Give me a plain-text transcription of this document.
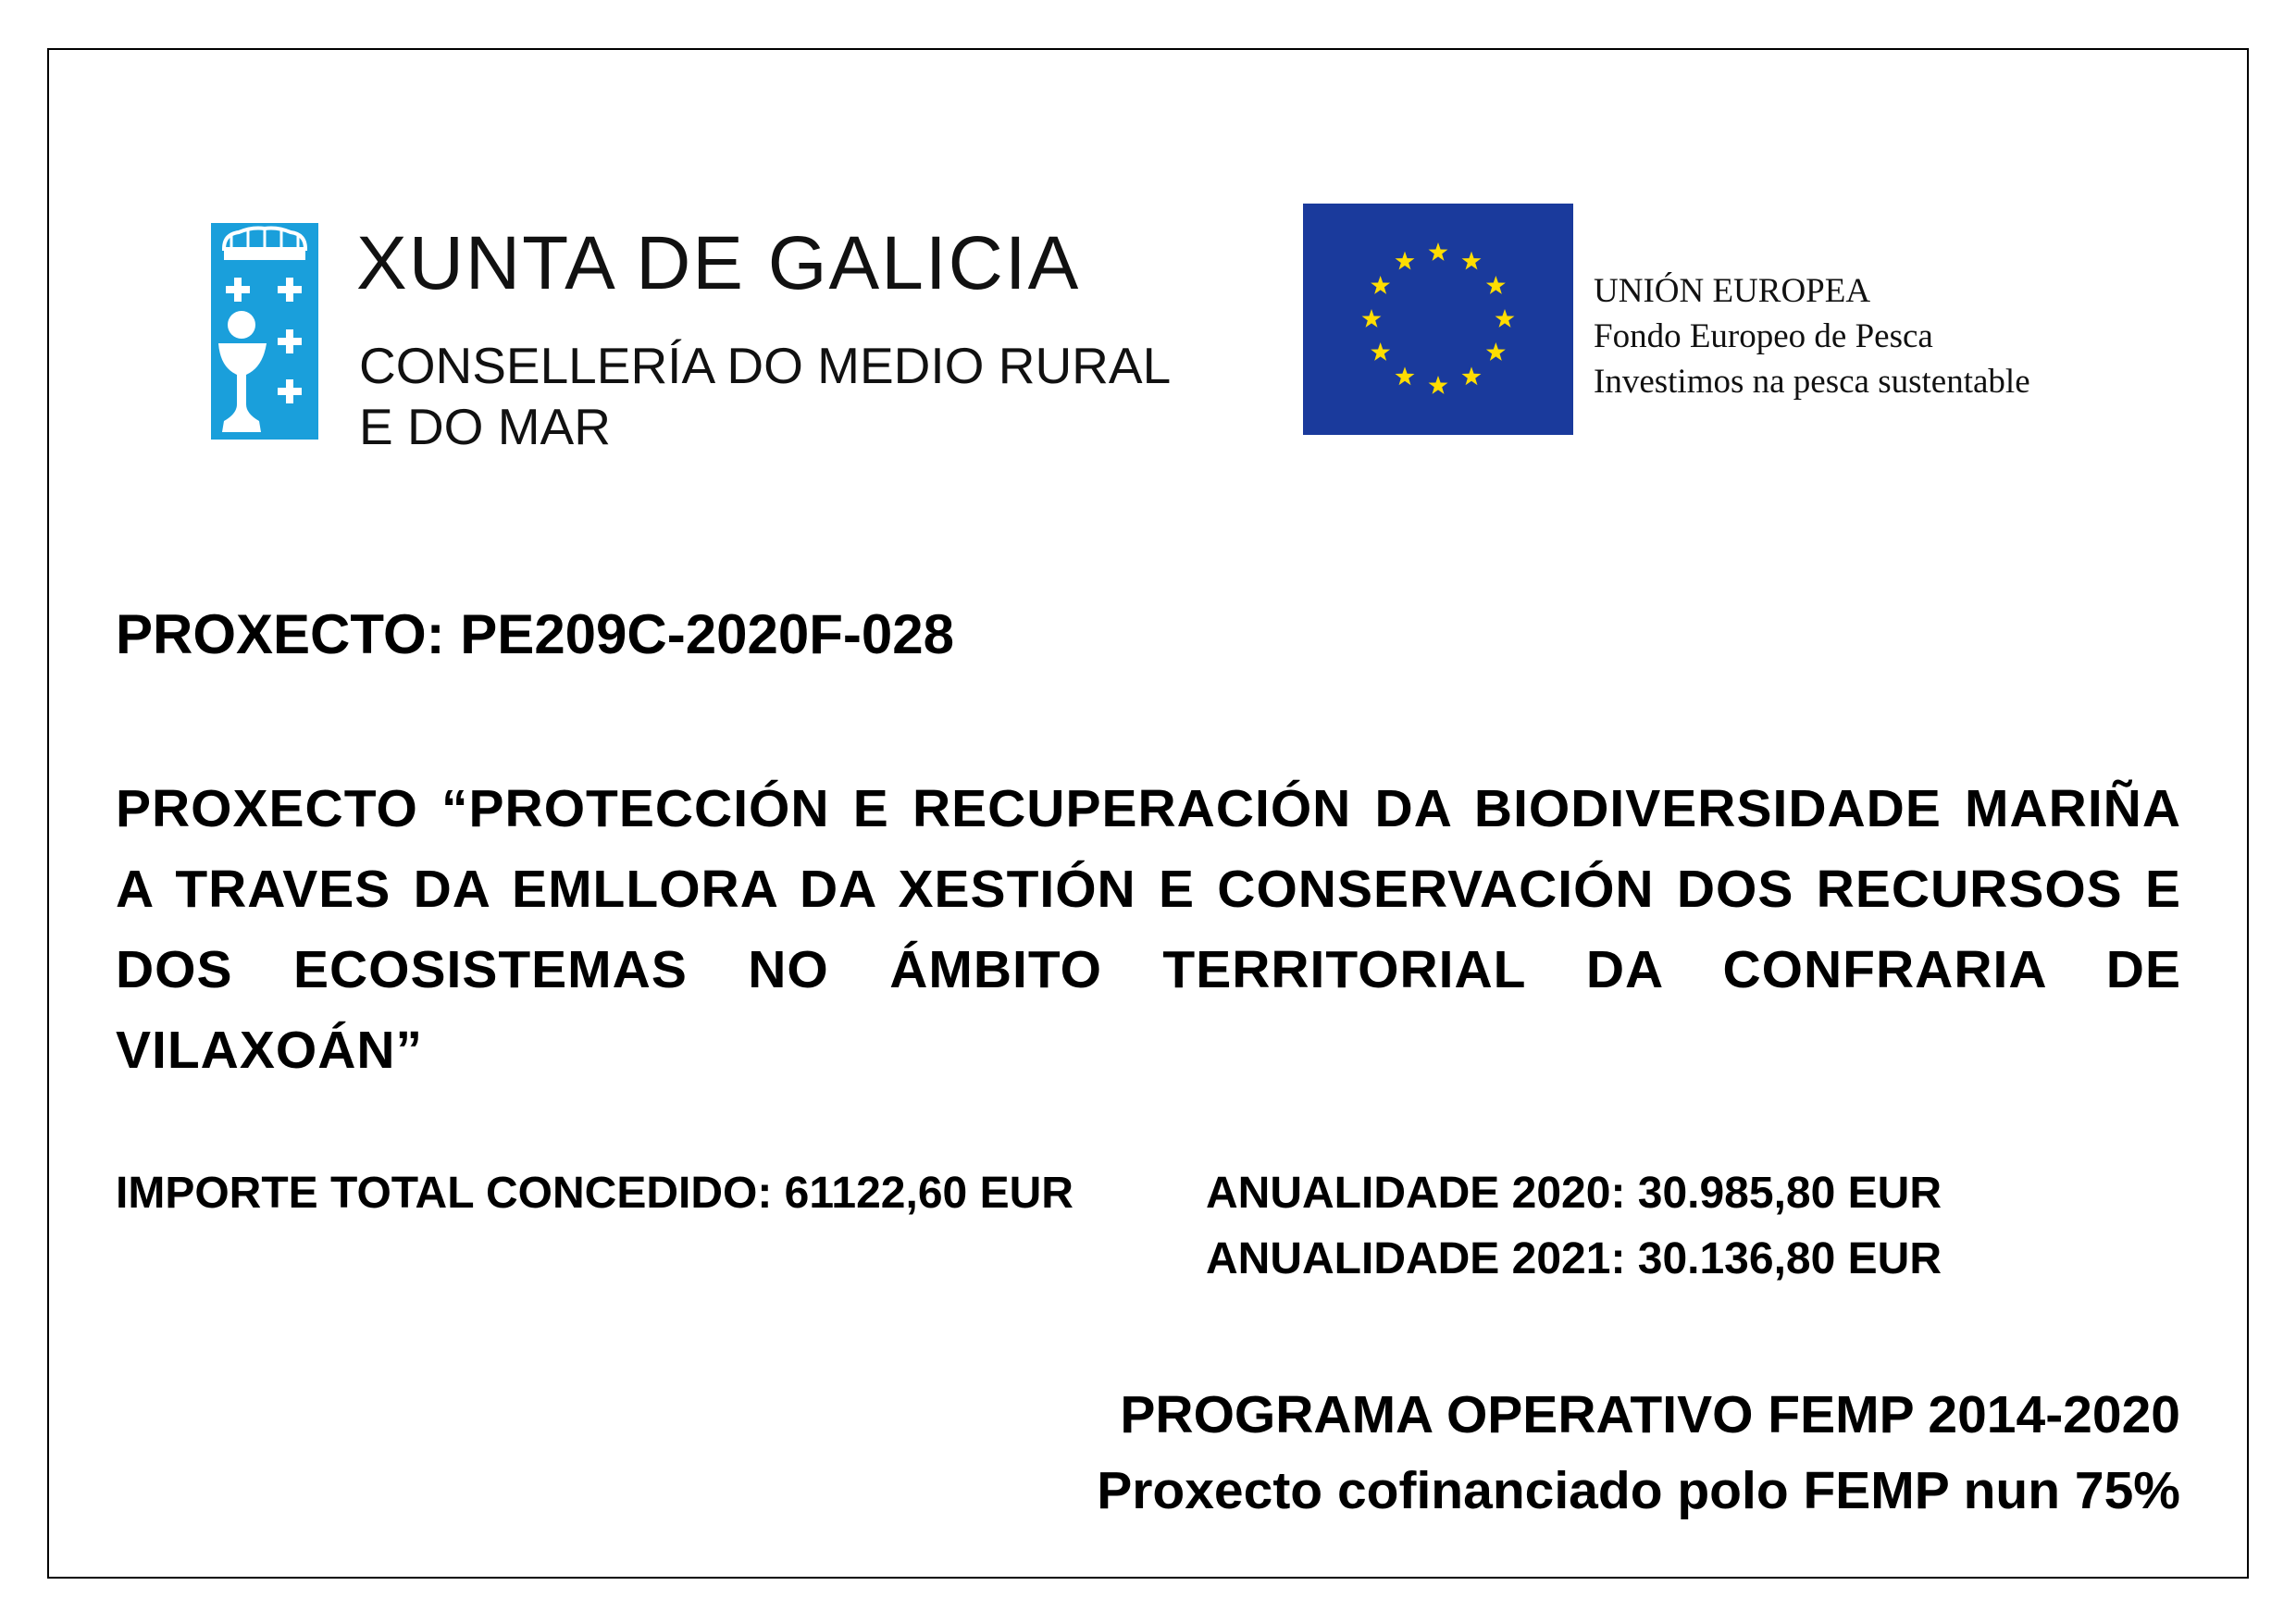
XUNTA DE GALICIA
CONSELLERÍA DO MEDIO RURAL
E DO MAR
UNIÓN EUROPEA
Fondo Europeo de Pesca
Investimos na pesca sustentable
PROXECTO: PE209C-2020F-028
PROXECTO “PROTECCIÓN E RECUPERACIÓN DA BIODIVERSIDADE MARIÑA A TRAVES DA EMLLORA DA XESTIÓN E CONSERVACIÓN DOS RECURSOS E DOS ECOSISTEMAS NO ÁMBITO TERRITORIAL DA CONFRARIA DE VILAXOÁN”
IMPORTE TOTAL CONCEDIDO: 61122,60 EUR	ANUALIDADE 2020: 30.985,80 EUR
ANUALIDADE 2021: 30.136,80 EUR
PROGRAMA OPERATIVO FEMP 2014-2020
Proxecto cofinanciado polo FEMP nun 75%
